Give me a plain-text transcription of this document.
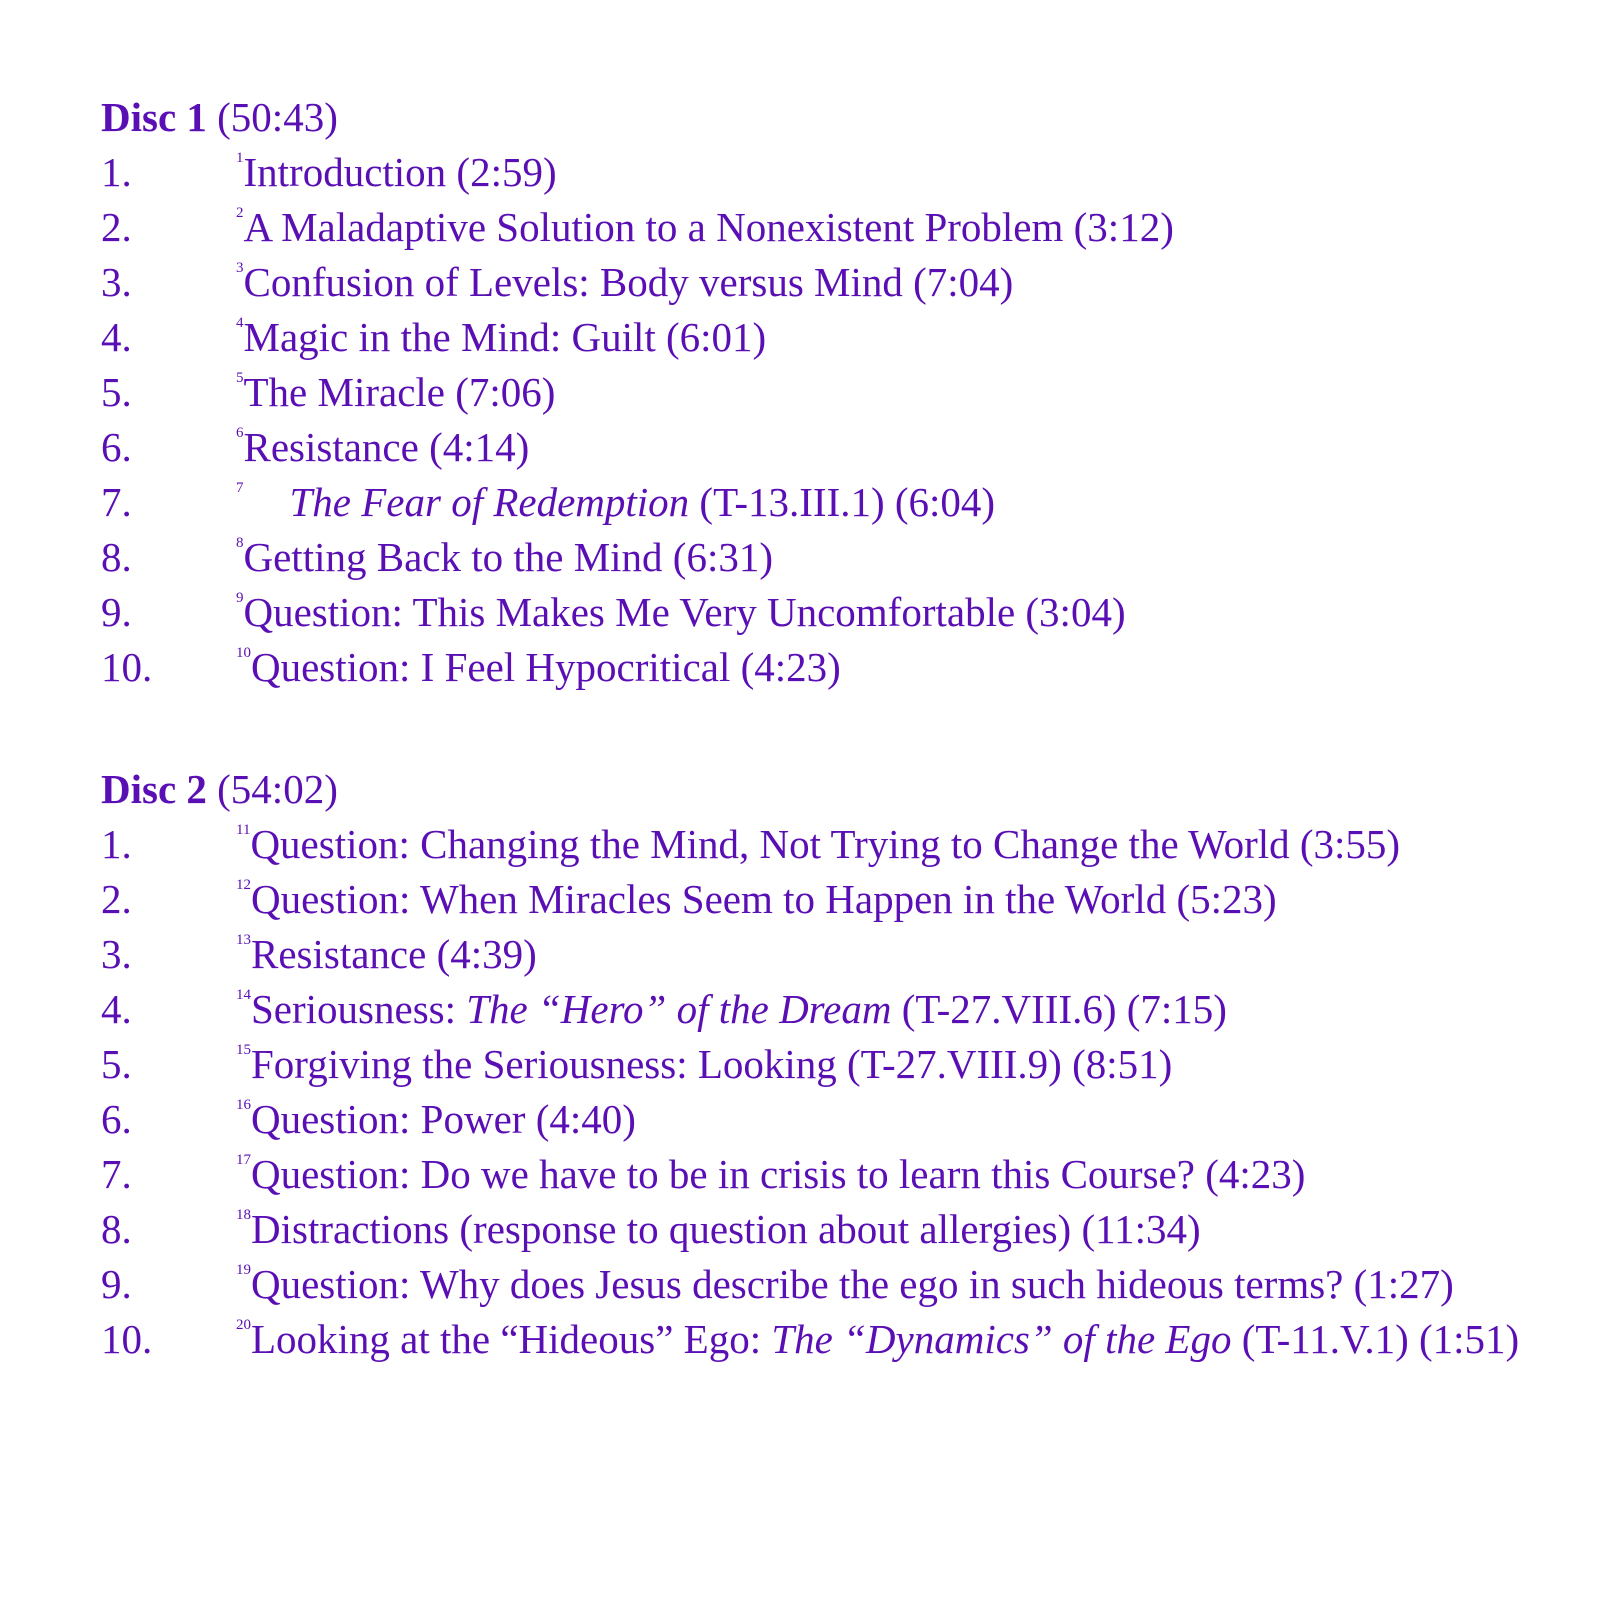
Disc 1 (50:43)
1.	$^1$Introduction (2:59)
2.	$^2$A Maladaptive Solution to a Nonexistent Problem (3:12)
3.	$^3$Confusion of Levels: Body versus Mind (7:04)
4.	$^4$Magic in the Mind: Guilt (6:01)
5.	$^5$The Miracle (7:06)
6.	$^6$Resistance (4:14)
7.	$^7$ The Fear of Redemption (T-13.III.1) (6:04)
8.	$^8$Getting Back to the Mind (6:31)
9.	$^9$Question: This Makes Me Very Uncomfortable (3:04)
10.	$^{10}$Question: I Feel Hypocritical (4:23)
Disc 2 (54:02)
1.	$^{11}$Question: Changing the Mind, Not Trying to Change the World (3:55)
2.	$^{12}$Question: When Miracles Seem to Happen in the World (5:23)
3.	$^{13}$Resistance (4:39)
4.	$^{14}$Seriousness: The “Hero” of the Dream (T-27.VIII.6) (7:15)
5.	$^{15}$Forgiving the Seriousness: Looking (T-27.VIII.9) (8:51)
6.	$^{16}$Question: Power (4:40)
7.	$^{17}$Question: Do we have to be in crisis to learn this Course? (4:23)
8.	$^{18}$Distractions (response to question about allergies) (11:34)
9.	$^{19}$Question: Why does Jesus describe the ego in such hideous terms? (1:27)
10.	$^{20}$Looking at the “Hideous” Ego: The “Dynamics” of the Ego (T-11.V.1) (1:51)
